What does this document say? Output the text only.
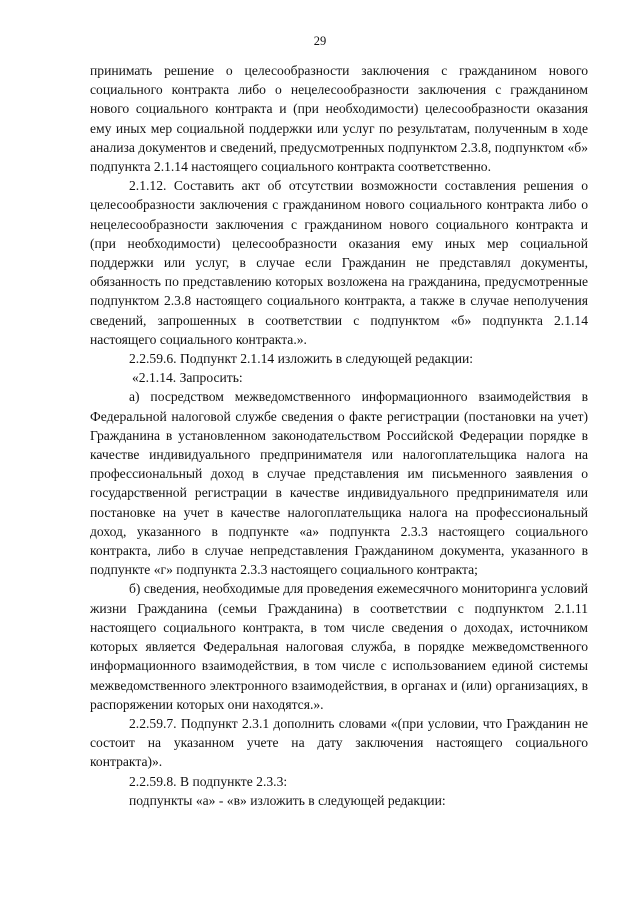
29

принимать решение о целесообразности заключения с гражданином нового социального контракта либо о нецелесообразности заключения с гражданином нового социального контракта и (при необходимости) целесообразности оказания ему иных мер социальной поддержки или услуг по результатам, полученным в ходе анализа документов и сведений, предусмотренных подпунктом 2.3.8, подпунктом «б» подпункта 2.1.14 настоящего социального контракта соответственно.

2.1.12. Составить акт об отсутствии возможности составления решения о целесообразности заключения с гражданином нового социального контракта либо о нецелесообразности заключения с гражданином нового социального контракта и (при необходимости) целесообразности оказания ему иных мер социальной поддержки или услуг, в случае если Гражданин не представлял документы, обязанность по представлению которых возложена на гражданина, предусмотренные подпунктом 2.3.8 настоящего социального контракта, а также в случае неполучения сведений, запрошенных в соответствии с подпунктом «б» подпункта 2.1.14 настоящего социального контракта.».

2.2.59.6. Подпункт 2.1.14 изложить в следующей редакции:

«2.1.14. Запросить:

а) посредством межведомственного информационного взаимодействия в Федеральной налоговой службе сведения о факте регистрации (постановки на учет) Гражданина в установленном законодательством Российской Федерации порядке в качестве индивидуального предпринимателя или налогоплательщика налога на профессиональный доход в случае представления им письменного заявления о государственной регистрации в качестве индивидуального предпринимателя или постановке на учет в качестве налогоплательщика налога на профессиональный доход, указанного в подпункте «а» подпункта 2.3.3 настоящего социального контракта, либо в случае непредставления Гражданином документа, указанного в подпункте «г» подпункта 2.3.3 настоящего социального контракта;

б) сведения, необходимые для проведения ежемесячного мониторинга условий жизни Гражданина (семьи Гражданина) в соответствии с подпунктом 2.1.11 настоящего социального контракта, в том числе сведения о доходах, источником которых является Федеральная налоговая служба, в порядке межведомственного информационного взаимодействия, в том числе с использованием единой системы межведомственного электронного взаимодействия, в органах и (или) организациях, в распоряжении которых они находятся.».

2.2.59.7. Подпункт 2.3.1 дополнить словами «(при условии, что Гражданин не состоит на указанном учете на дату заключения настоящего социального контракта)».

2.2.59.8. В подпункте 2.3.3:

подпункты «а» - «в» изложить в следующей редакции:
